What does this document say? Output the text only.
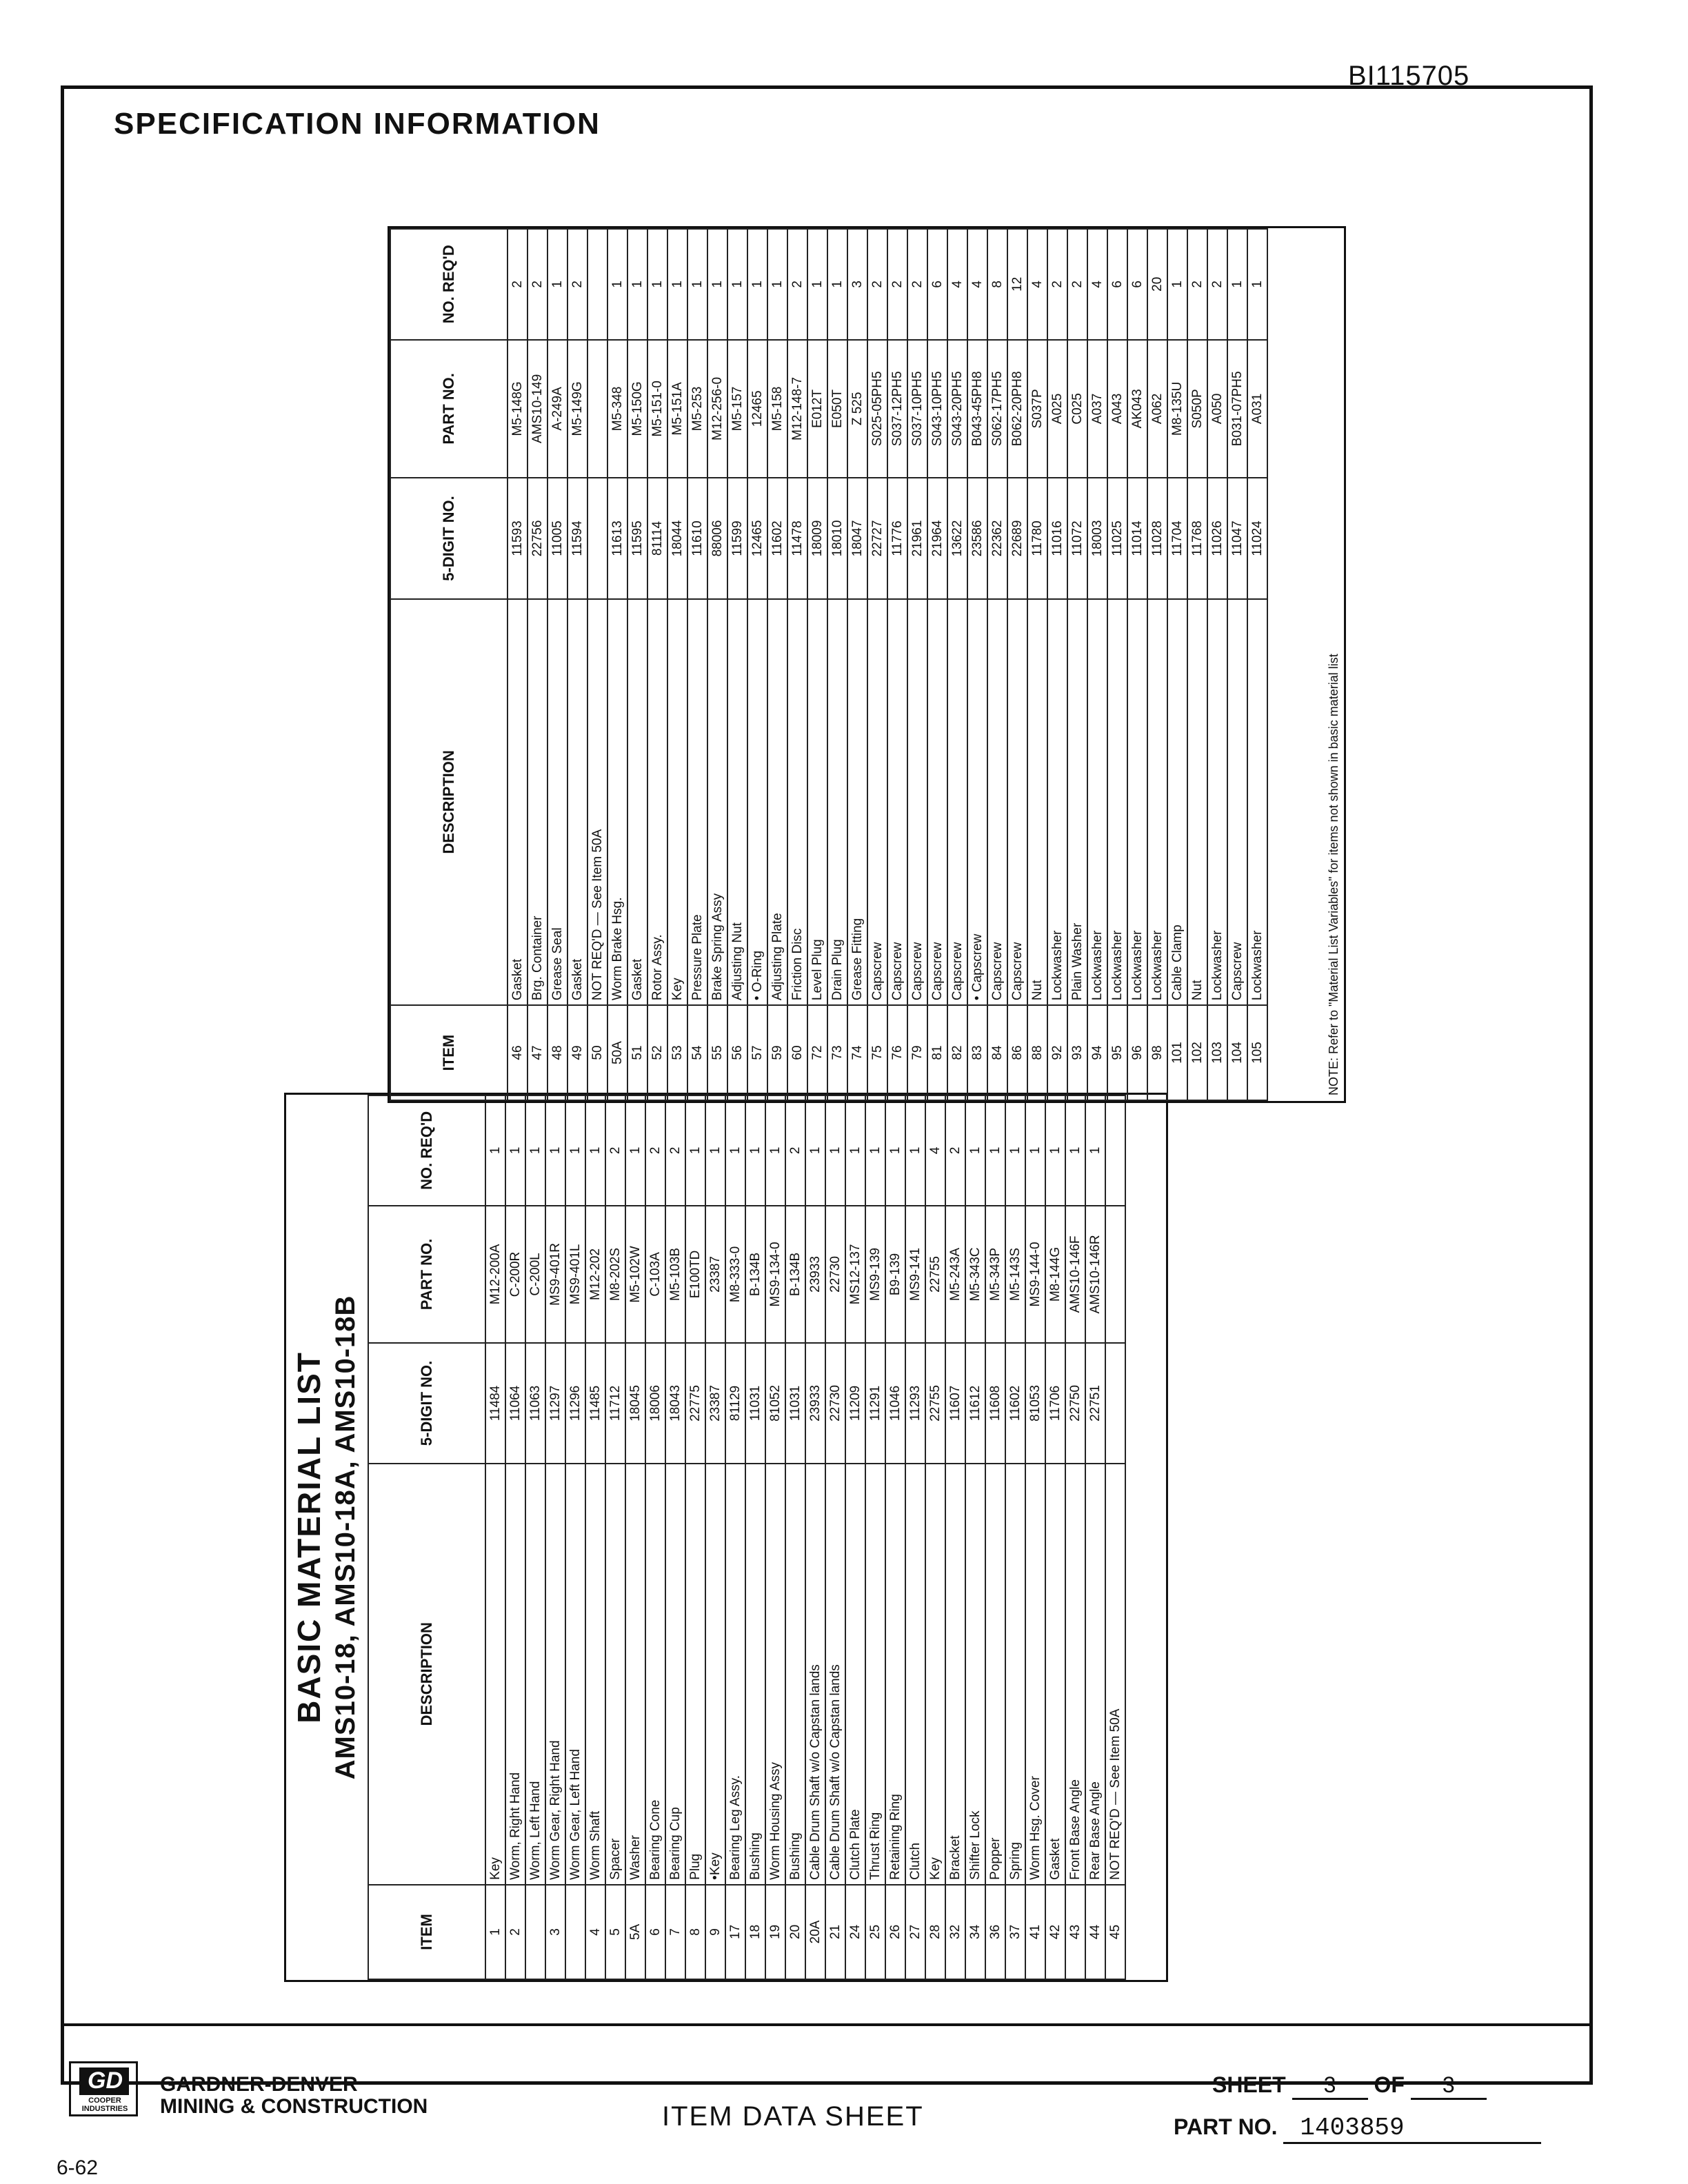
BI115705
SPECIFICATION INFORMATION
BASIC MATERIAL LIST AMS10-18, AMS10-18A, AMS10-18B
ITEM	DESCRIPTION	5-DIGIT NO.	PART NO.	NO. REQ'D
1	Key	11484	M12-200A	1
2	Worm, Right Hand	11064	C-200R	1
	Worm, Left Hand	11063	C-200L	1
3	Worm Gear, Right Hand	11297	MS9-401R	1
	Worm Gear, Left Hand	11296	MS9-401L	1
4	Worm Shaft	11485	M12-202	1
5	Spacer	11712	M8-202S	2
5A	Washer	18045	M5-102W	1
6	Bearing Cone	18006	C-103A	2
7	Bearing Cup	18043	M5-103B	2
8	Plug	22775	E100TD	1
9	•Key	23387	23387	1
17	Bearing Leg Assy.	81129	M8-333-0	1
18	Bushing	11031	B-134B	1
19	Worm Housing Assy	81052	MS9-134-0	1
20	Bushing	11031	B-134B	2
20A	Cable Drum Shaft w/o Capstan lands	23933	23933	1
21	Cable Drum Shaft w/o Capstan lands	22730	22730	1
24	Clutch Plate	11209	MS12-137	1
25	Thrust Ring	11291	MS9-139	1
26	Retaining Ring	11046	B9-139	1
27	Clutch	11293	MS9-141	1
28	Key	22755	22755	4
32	Bracket	11607	M5-243A	2
34	Shifter Lock	11612	M5-343C	1
36	Popper	11608	M5-343P	1
37	Spring	11602	M5-143S	1
41	Worm Hsg. Cover	81053	MS9-144-0	1
42	Gasket	11706	M8-144G	1
43	Front Base Angle	22750	AMS10-146F	1
44	Rear Base Angle	22751	AMS10-146R	1
45	NOT REQ'D — See Item 50A			
ITEM	DESCRIPTION	5-DIGIT NO.	PART NO.	NO. REQ'D
46	Gasket	11593	M5-148G	2
47	Brg. Container	22756	AMS10-149	2
48	Grease Seal	11005	A-249A	1
49	Gasket	11594	M5-149G	2
50	NOT REQ'D — See Item 50A			
50A	Worm Brake Hsg.	11613	M5-348	1
51	Gasket	11595	M5-150G	1
52	Rotor Assy.	81114	M5-151-0	1
53	Key	18044	M5-151A	1
54	Pressure Plate	11610	M5-253	1
55	Brake Spring Assy	88006	M12-256-0	1
56	Adjusting Nut	11599	M5-157	1
57	• O-Ring	12465	12465	1
59	Adjusting Plate	11602	M5-158	1
60	Friction Disc	11478	M12-148-7	2
72	Level Plug	18009	E012T	1
73	Drain Plug	18010	E050T	1
74	Grease Fitting	18047	Z 525	3
75	Capscrew	22727	S025-05PH5	2
76	Capscrew	11776	S037-12PH5	2
79	Capscrew	21961	S037-10PH5	2
81	Capscrew	21964	S043-10PH5	6
82	Capscrew	13622	S043-20PH5	4
83	• Capscrew	23586	B043-45PH8	4
84	Capscrew	22362	S062-17PH5	8
86	Capscrew	22689	B062-20PH8	12
88	Nut	11780	S037P	4
92	Lockwasher	11016	A025	2
93	Plain Washer	11072	C025	2
94	Lockwasher	18003	A037	4
95	Lockwasher	11025	A043	6
96	Lockwasher	11014	AK043	6
98	Lockwasher	11028	A062	20
101	Cable Clamp	11704	M8-135U	1
102	Nut	11768	S050P	2
103	Lockwasher	11026	A050	2
104	Capscrew	11047	B031-07PH5	1
105	Lockwasher	11024	A031	1
NOTE: Refer to "Material List Variables" for items not shown in basic material list
GD
COOPER INDUSTRIES
GARDNER-DENVER
MINING & CONSTRUCTION	ITEM DATA SHEET
SHEET 3 OF 3
PART NO. 1403859
6-62
